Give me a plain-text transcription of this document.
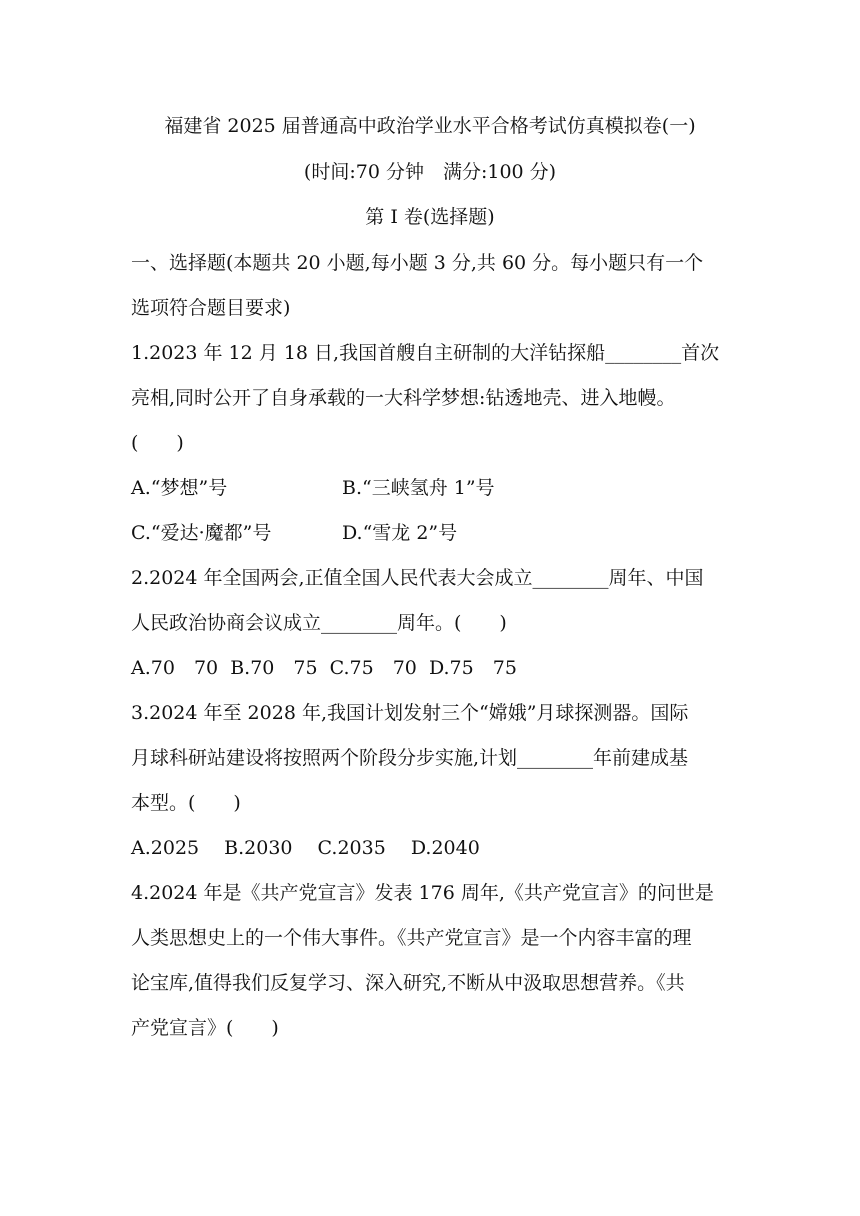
福建省 2025 届普通高中政治学业水平合格考试仿真模拟卷(一)
(时间:70 分钟　满分:100 分)
第 I 卷(选择题)
一、选择题(本题共 20 小题,每小题 3 分,共 60 分。每小题只有一个
选项符合题目要求)
1.2023 年 12 月 18 日,我国首艘自主研制的大洋钻探船________首次
亮相,同时公开了自身承载的一大科学梦想:钻透地壳、进入地幔。
(　　)
A.“梦想”号	B.“三峡氢舟 1”号
C.“爱达·魔都”号	D.“雪龙 2”号
2.2024 年全国两会,正值全国人民代表大会成立________周年、中国
人民政治协商会议成立________周年。(　　)
A.70　70  B.70　75  C.75　70  D.75　75
3.2024 年至 2028 年,我国计划发射三个“嫦娥”月球探测器。国际
月球科研站建设将按照两个阶段分步实施,计划________年前建成基
本型。(　　)
A.2025　 B.2030　 C.2035　 D.2040
4.2024 年是《共产党宣言》发表 176 周年,《共产党宣言》的问世是
人类思想史上的一个伟大事件。《共产党宣言》是一个内容丰富的理
论宝库,值得我们反复学习、深入研究,不断从中汲取思想营养。《共
产党宣言》(　　)
